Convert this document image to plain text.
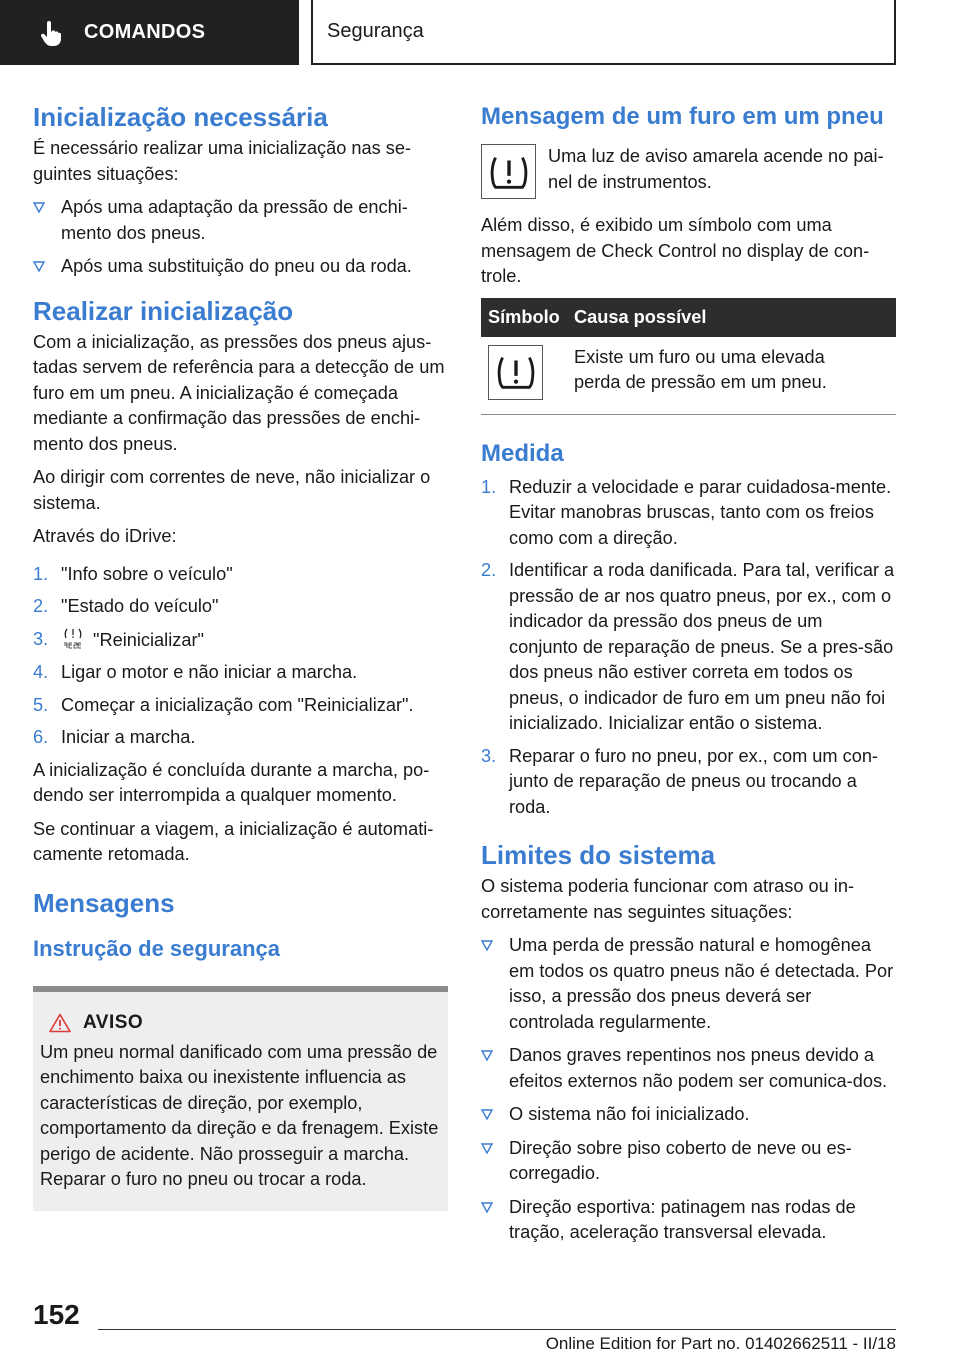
COMANDOS	Segurança
Inicialização necessária

É necessário realizar uma inicialização nas se-guintes situações:

Após uma adaptação da pressão de enchi-mento dos pneus.
Após uma substituição do pneu ou da roda.
Realizar inicialização

Com a inicialização, as pressões dos pneus ajus-tadas servem de referência para a detecção de um furo em um pneu. A inicialização é começada mediante a confirmação das pressões de enchi-mento dos pneus.

Ao dirigir com correntes de neve, não inicializar o sistema.

Através do iDrive:

1. "Info sobre o veículo"
2. "Estado do veículo"
3. "Reinicializar"
4. Ligar o motor e não iniciar a marcha.
5. Começar a inicialização com "Reinicializar".
6. Iniciar a marcha.

A inicialização é concluída durante a marcha, po-dendo ser interrompida a qualquer momento.

Se continuar a viagem, a inicialização é automati-camente retomada.

Mensagens
Instrução de segurança
AVISO

Um pneu normal danificado com uma pressão de enchimento baixa ou inexistente influencia as características de direção, por exemplo, comportamento da direção e da frenagem. Existe perigo de acidente. Não prosseguir a marcha. Reparar o furo no pneu ou trocar a roda.

Mensagem de um furo em um pneu

Uma luz de aviso amarela acende no pai-nel de instrumentos.

Além disso, é exibido um símbolo com uma mensagem de Check Control no display de con-trole.

Símbolo	Causa possível

	Existe um furo ou uma elevada perda de pressão em um pneu.
Medida
1. Reduzir a velocidade e parar cuidadosa-mente. Evitar manobras bruscas, tanto com os freios como com a direção.
2. Identificar a roda danificada. Para tal, verificar a pressão de ar nos quatro pneus, por ex., com o indicador da pressão dos pneus de um conjunto de reparação de pneus. Se a pres-são dos pneus não estiver correta em todos os pneus, o indicador de furo em um pneu não foi inicializado. Inicializar então o sistema.
3. Reparar o furo no pneu, por ex., com um con-junto de reparação de pneus ou trocando a roda.
Limites do sistema

O sistema poderia funcionar com atraso ou in-corretamente nas seguintes situações:

Uma perda de pressão natural e homogênea em todos os quatro pneus não é detectada. Por isso, a pressão dos pneus deverá ser controlada regularmente.
Danos graves repentinos nos pneus devido a efeitos externos não podem ser comunica-dos.
O sistema não foi inicializado.
Direção sobre piso coberto de neve ou es-corregadio.
Direção esportiva: patinagem nas rodas de tração, aceleração transversal elevada.
152
Online Edition for Part no. 01402662511 - II/18
